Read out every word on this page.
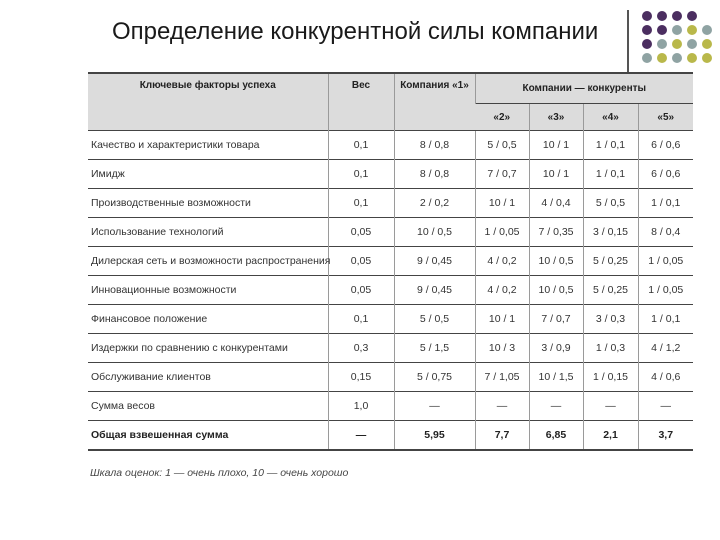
Определение конкурентной силы компании
Ключевые факторы успеха	Вес	Компания «1»	Компании — конкуренты			
			«2»	«3»	«4»	«5»
Качество и характеристики товара	0,1	8 / 0,8	5 / 0,5	10 / 1	1 / 0,1	6 / 0,6
Имидж	0,1	8 / 0,8	7 / 0,7	10 / 1	1 / 0,1	6 / 0,6
Производственные возможности	0,1	2 / 0,2	10 / 1	4 / 0,4	5 / 0,5	1 / 0,1
Использование технологий	0,05	10 / 0,5	1 / 0,05	7 / 0,35	3 / 0,15	8 / 0,4
Дилерская сеть и возможности распространения	0,05	9 / 0,45	4 / 0,2	10 / 0,5	5 / 0,25	1 / 0,05
Инновационные возможности	0,05	9 / 0,45	4 / 0,2	10 / 0,5	5 / 0,25	1 / 0,05
Финансовое положение	0,1	5 / 0,5	10 / 1	7 / 0,7	3 / 0,3	1 / 0,1
Издержки по сравнению с конкурентами	0,3	5 / 1,5	10 / 3	3 / 0,9	1 / 0,3	4 / 1,2
Обслуживание клиентов	0,15	5 / 0,75	7 / 1,05	10 / 1,5	1 / 0,15	4 / 0,6
Сумма весов	1,0	—	—	—	—	—
Общая взвешенная сумма	—	5,95	7,7	6,85	2,1	3,7
Шкала оценок: 1 — очень плохо, 10 — очень хорошо
